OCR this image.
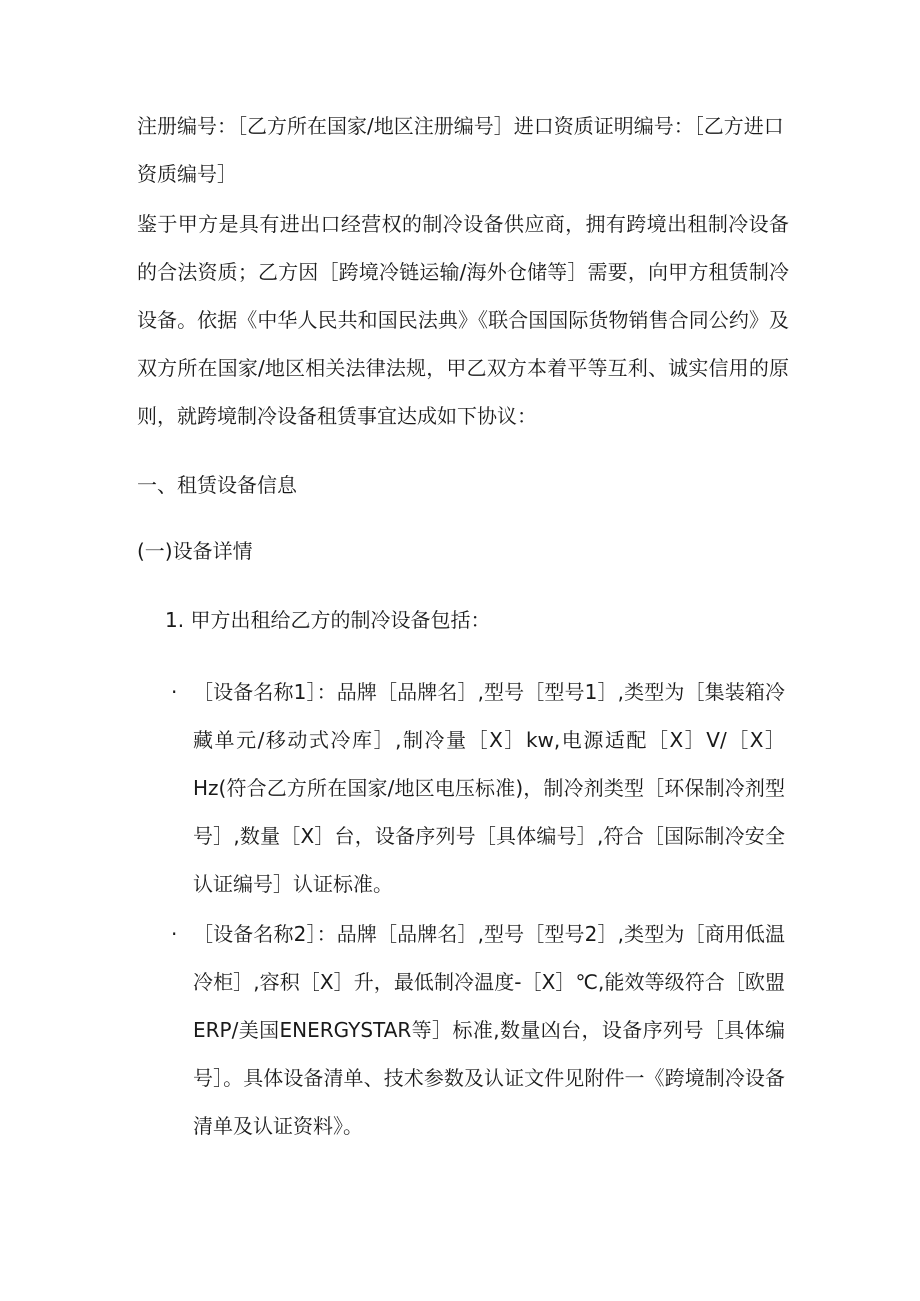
注册编号：［乙方所在国家/地区注册编号］进口资质证明编号：［乙方进口资质编号］

鉴于甲方是具有进出口经营权的制冷设备供应商，拥有跨境出租制冷设备的合法资质；乙方因［跨境冷链运输/海外仓储等］需要，向甲方租赁制冷设备。依据《中华人民共和国民法典》《联合国国际货物销售合同公约》及双方所在国家/地区相关法律法规，甲乙双方本着平等互利、诚实信用的原则，就跨境制冷设备租赁事宜达成如下协议：

一、租赁设备信息

(一)设备详情

1. 甲方出租给乙方的制冷设备包括：

· ［设备名称1］：品牌［品牌名］,型号［型号1］,类型为［集装箱冷藏单元/移动式冷库］,制冷量［X］kw,电源适配［X］V/［X］Hz(符合乙方所在国家/地区电压标准)，制冷剂类型［环保制冷剂型号］,数量［X］台，设备序列号［具体编号］,符合［国际制冷安全认证编号］认证标准。
· ［设备名称2］：品牌［品牌名］,型号［型号2］,类型为［商用低温冷柜］,容积［X］升，最低制冷温度-［X］℃,能效等级符合［欧盟ERP/美国ENERGYSTAR等］标准,数量凶台，设备序列号［具体编号］。具体设备清单、技术参数及认证文件见附件一《跨境制冷设备清单及认证资料》。
